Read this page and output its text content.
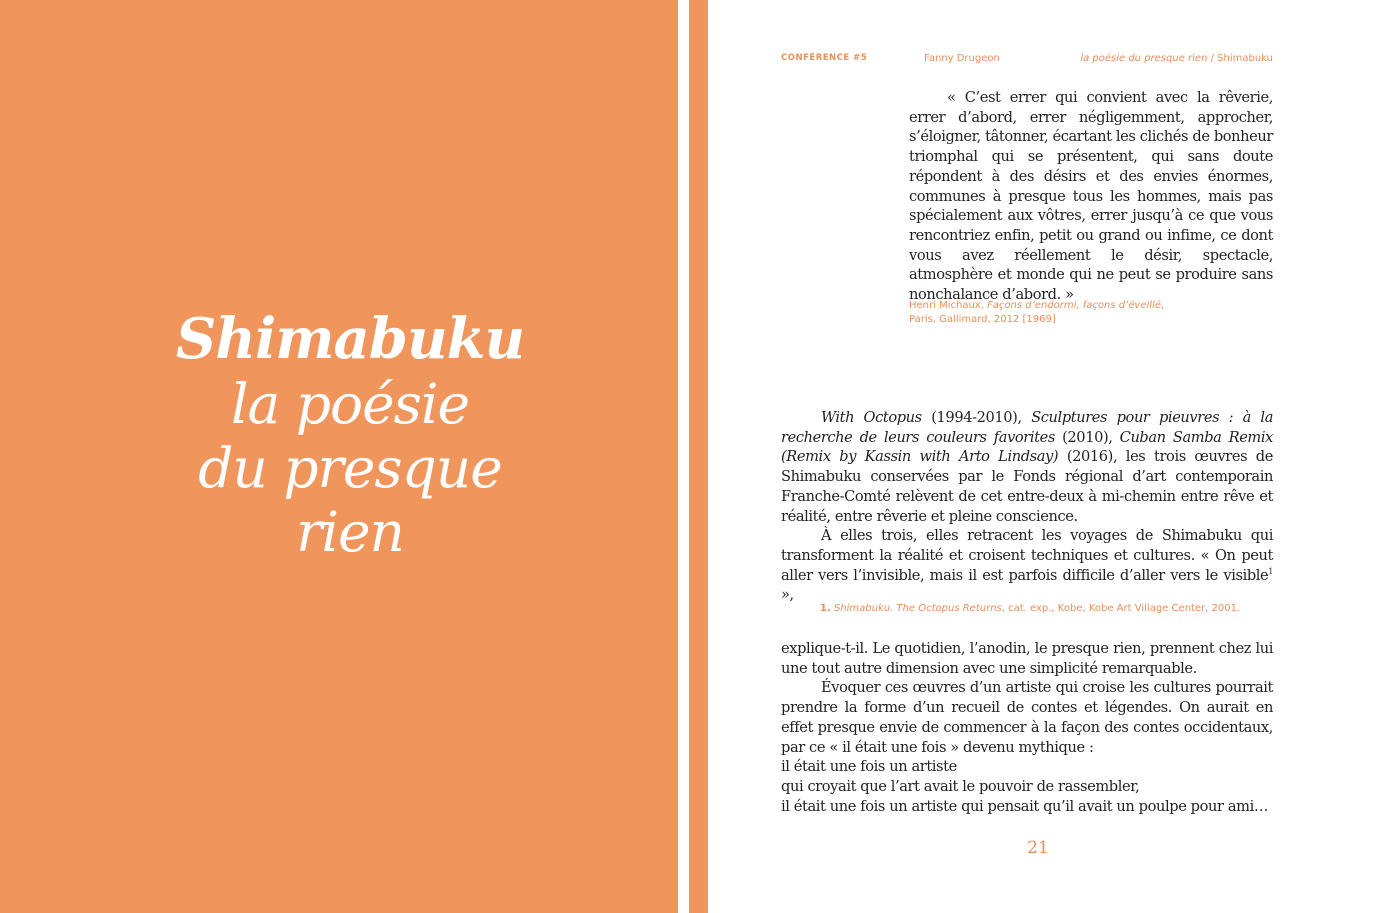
Shimabuku
la poésie
du presque
rien
CONFÉRENCE #5	Fanny Drugeon	la poésie du presque rien / Shimabuku

« C’est errer qui convient avec la rêverie, errer d’abord, errer négligemment, approcher, s’éloigner, tâtonner, écartant les clichés de bonheur triomphal qui se présentent, qui sans doute répondent à des désirs et des envies énormes, communes à presque tous les hommes, mais pas spécialement aux vôtres, errer jusqu’à ce que vous rencontriez enfin, petit ou grand ou infime, ce dont vous avez réellement le désir, spectacle, atmosphère et monde qui ne peut se produire sans nonchalance d’abord. »

Henri Michaux, Façons d’endormi, façons d’éveillé,
Paris, Gallimard, 2012 [1969]

With Octopus (1994-2010), Sculptures pour pieuvres : à la recherche de leurs couleurs favorites (2010), Cuban Samba Remix (Remix by Kassin with Arto Lindsay) (2016), les trois œuvres de Shimabuku conservées par le Fonds régional d’art contemporain Franche-Comté relèvent de cet entre-deux à mi-chemin entre rêve et réalité, entre rêverie et pleine conscience.

À elles trois, elles retracent les voyages de Shimabuku qui transforment la réalité et croisent techniques et cultures. « On peut aller vers l’invisible, mais il est parfois difficile d’aller vers le visible$^1$ »,

1. Shimabuku. The Octopus Returns, cat. exp., Kobe, Kobe Art Village Center, 2001.

explique-t-il. Le quotidien, l’anodin, le presque rien, prennent chez lui une tout autre dimension avec une simplicité remarquable.

Évoquer ces œuvres d’un artiste qui croise les cultures pourrait prendre la forme d’un recueil de contes et légendes. On aurait en effet presque envie de commencer à la façon des contes occidentaux, par ce « il était une fois » devenu mythique :

il était une fois un artiste
qui croyait que l’art avait le pouvoir de rassembler,
il était une fois un artiste qui pensait qu’il avait un poulpe pour ami…
21
